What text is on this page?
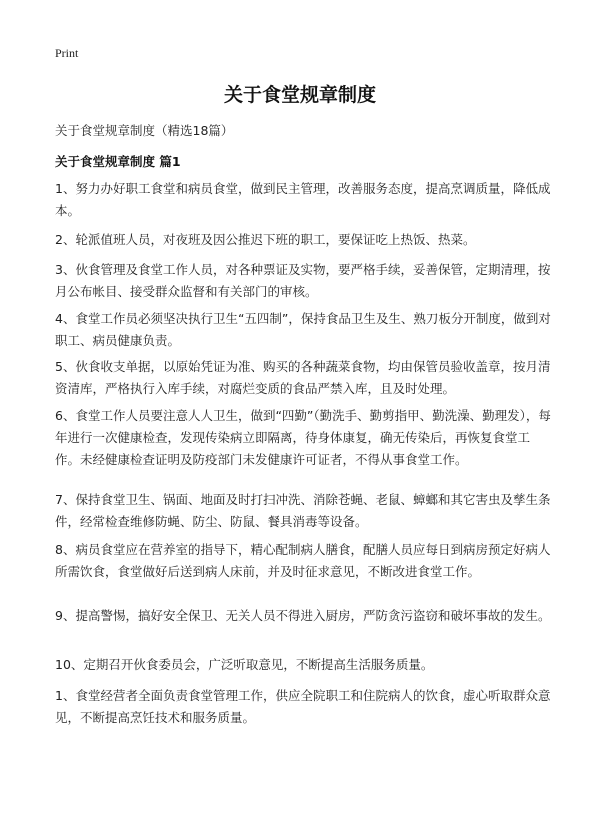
Print
关于食堂规章制度

关于食堂规章制度（精选18篇）

关于食堂规章制度 篇1

1、努力办好职工食堂和病员食堂，做到民主管理，改善服务态度，提高烹调质量，降低成本。

2、轮派值班人员，对夜班及因公推迟下班的职工，要保证吃上热饭、热菜。

3、伙食管理及食堂工作人员，对各种票证及实物，要严格手续，妥善保管，定期清理，按月公布帐目、接受群众监督和有关部门的审核。

4、食堂工作员必须坚决执行卫生“五四制”，保持食品卫生及生、熟刀板分开制度，做到对职工、病员健康负责。

5、伙食收支单据，以原始凭证为准、购买的各种蔬菜食物，均由保管员验收盖章，按月清资清库，严格执行入库手续，对腐烂变质的食品严禁入库，且及时处理。

6、食堂工作人员要注意人人卫生，做到“四勤”（勤洗手、勤剪指甲、勤洗澡、勤理发），每年进行一次健康检查，发现传染病立即隔离，待身体康复，确无传染后，再恢复食堂工作。未经健康检查证明及防疫部门未发健康许可证者，不得从事食堂工作。

7、保持食堂卫生、锅面、地面及时打扫冲洗、消除苍蝇、老鼠、蟑螂和其它害虫及孳生条件，经常检查维修防蝇、防尘、防鼠、餐具消毒等设备。

8、病员食堂应在营养室的指导下，精心配制病人膳食，配膳人员应每日到病房预定好病人所需饮食，食堂做好后送到病人床前，并及时征求意见，不断改进食堂工作。

9、提高警惕，搞好安全保卫、无关人员不得进入厨房，严防贪污盗窃和破坏事故的发生。

10、定期召开伙食委员会，广泛听取意见，不断提高生活服务质量。

1、食堂经营者全面负责食堂管理工作，供应全院职工和住院病人的饮食，虚心听取群众意见，不断提高烹饪技术和服务质量。
